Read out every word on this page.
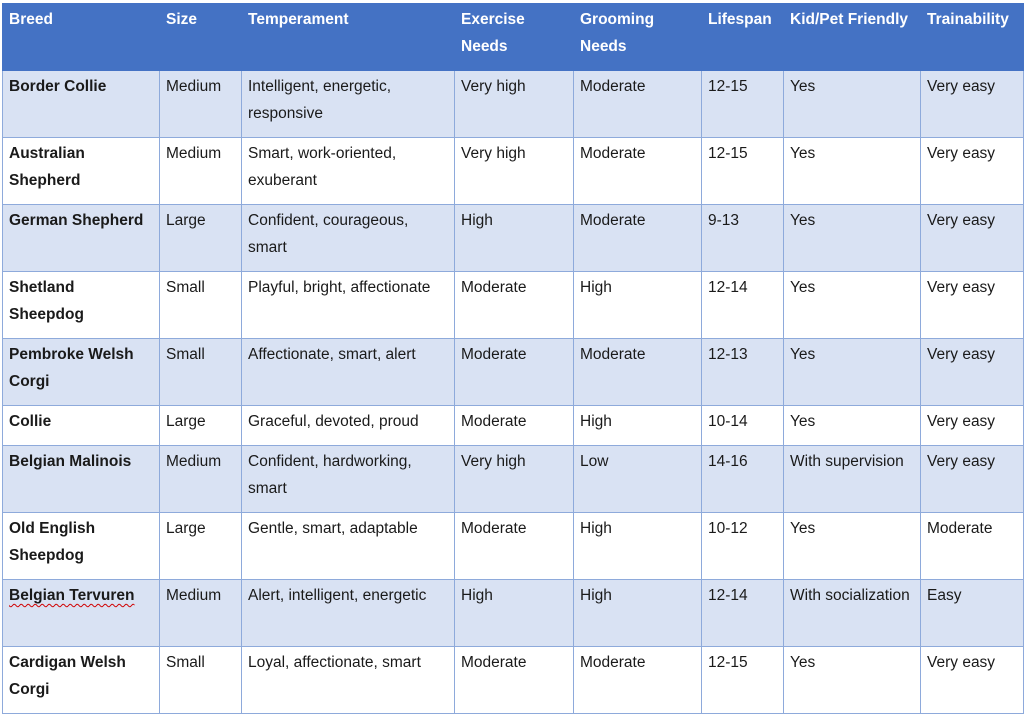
Breed	Size	Temperament	Exercise Needs	Grooming Needs	Lifespan	Kid/Pet Friendly	Trainability
Border Collie	Medium	Intelligent, energetic, responsive	Very high	Moderate	12-15	Yes	Very easy
Australian Shepherd	Medium	Smart, work-oriented, exuberant	Very high	Moderate	12-15	Yes	Very easy
German Shepherd	Large	Confident, courageous, smart	High	Moderate	9-13	Yes	Very easy
Shetland Sheepdog	Small	Playful, bright, affectionate	Moderate	High	12-14	Yes	Very easy
Pembroke Welsh Corgi	Small	Affectionate, smart, alert	Moderate	Moderate	12-13	Yes	Very easy
Collie	Large	Graceful, devoted, proud	Moderate	High	10-14	Yes	Very easy
Belgian Malinois	Medium	Confident, hardworking, smart	Very high	Low	14-16	With supervision	Very easy
Old English Sheepdog	Large	Gentle, smart, adaptable	Moderate	High	10-12	Yes	Moderate
Belgian Tervuren	Medium	Alert, intelligent, energetic	High	High	12-14	With socialization	Easy
Cardigan Welsh Corgi	Small	Loyal, affectionate, smart	Moderate	Moderate	12-15	Yes	Very easy
